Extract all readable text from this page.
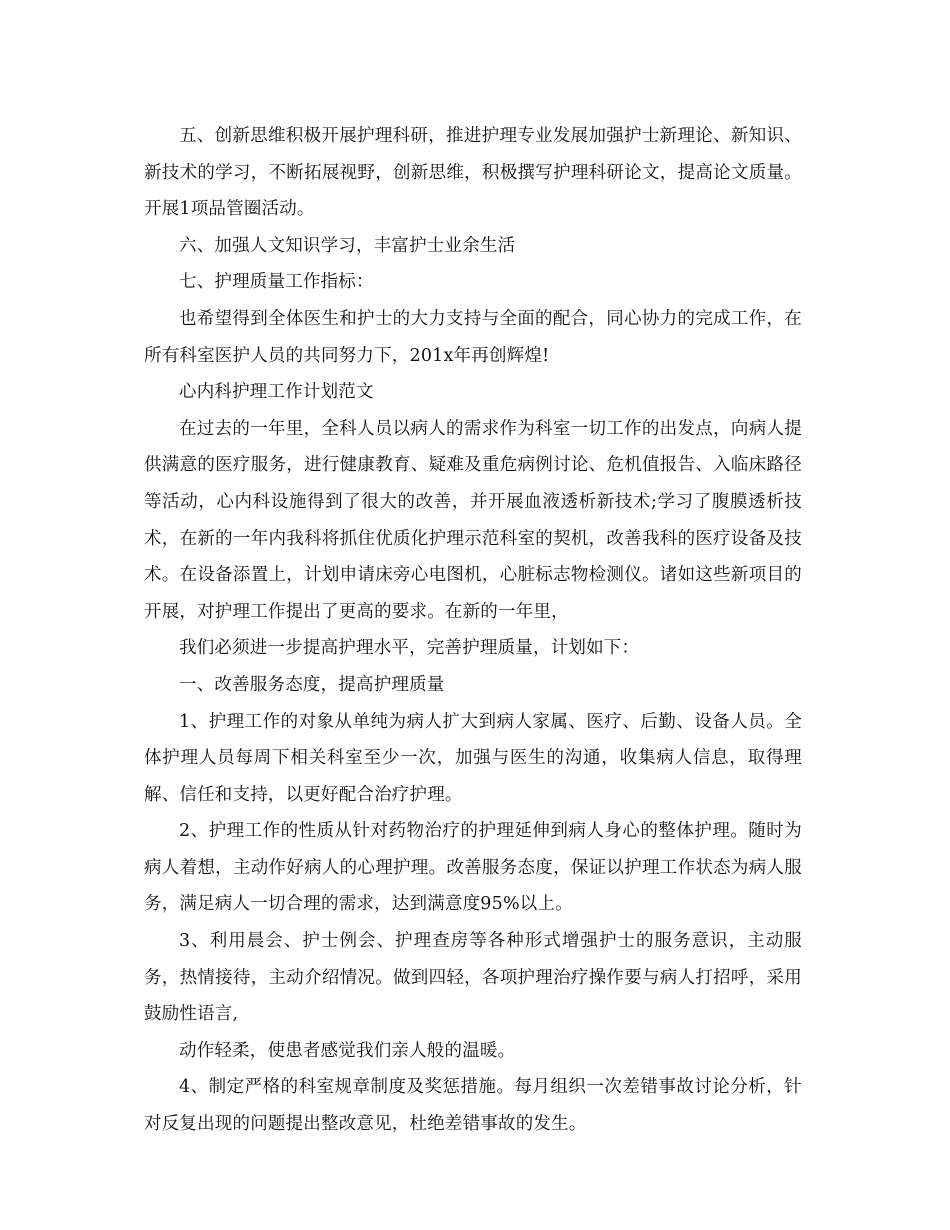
五、创新思维积极开展护理科研，推进护理专业发展加强护士新理论、新知识、新技术的学习，不断拓展视野，创新思维，积极撰写护理科研论文，提高论文质量。开展1项品管圈活动。

六、加强人文知识学习，丰富护士业余生活

七、护理质量工作指标：

也希望得到全体医生和护士的大力支持与全面的配合，同心协力的完成工作，在所有科室医护人员的共同努力下，201x年再创辉煌!

心内科护理工作计划范文

在过去的一年里，全科人员以病人的需求作为科室一切工作的出发点，向病人提供满意的医疗服务，进行健康教育、疑难及重危病例讨论、危机值报告、入临床路径等活动，心内科设施得到了很大的改善，并开展血液透析新技术;学习了腹膜透析技术，在新的一年内我科将抓住优质化护理示范科室的契机，改善我科的医疗设备及技术。在设备添置上，计划申请床旁心电图机，心脏标志物检测仪。诸如这些新项目的开展，对护理工作提出了更高的要求。在新的一年里，

我们必须进一步提高护理水平，完善护理质量，计划如下：

一、改善服务态度，提高护理质量

1、护理工作的对象从单纯为病人扩大到病人家属、医疗、后勤、设备人员。全体护理人员每周下相关科室至少一次，加强与医生的沟通，收集病人信息，取得理解、信任和支持，以更好配合治疗护理。

2、护理工作的性质从针对药物治疗的护理延伸到病人身心的整体护理。随时为病人着想，主动作好病人的心理护理。改善服务态度，保证以护理工作状态为病人服务，满足病人一切合理的需求，达到满意度95%以上。

3、利用晨会、护士例会、护理查房等各种形式增强护士的服务意识，主动服务，热情接待，主动介绍情况。做到四轻，各项护理治疗操作要与病人打招呼，采用鼓励性语言,

动作轻柔，使患者感觉我们亲人般的温暖。

4、制定严格的科室规章制度及奖惩措施。每月组织一次差错事故讨论分析，针对反复出现的问题提出整改意见，杜绝差错事故的发生。
